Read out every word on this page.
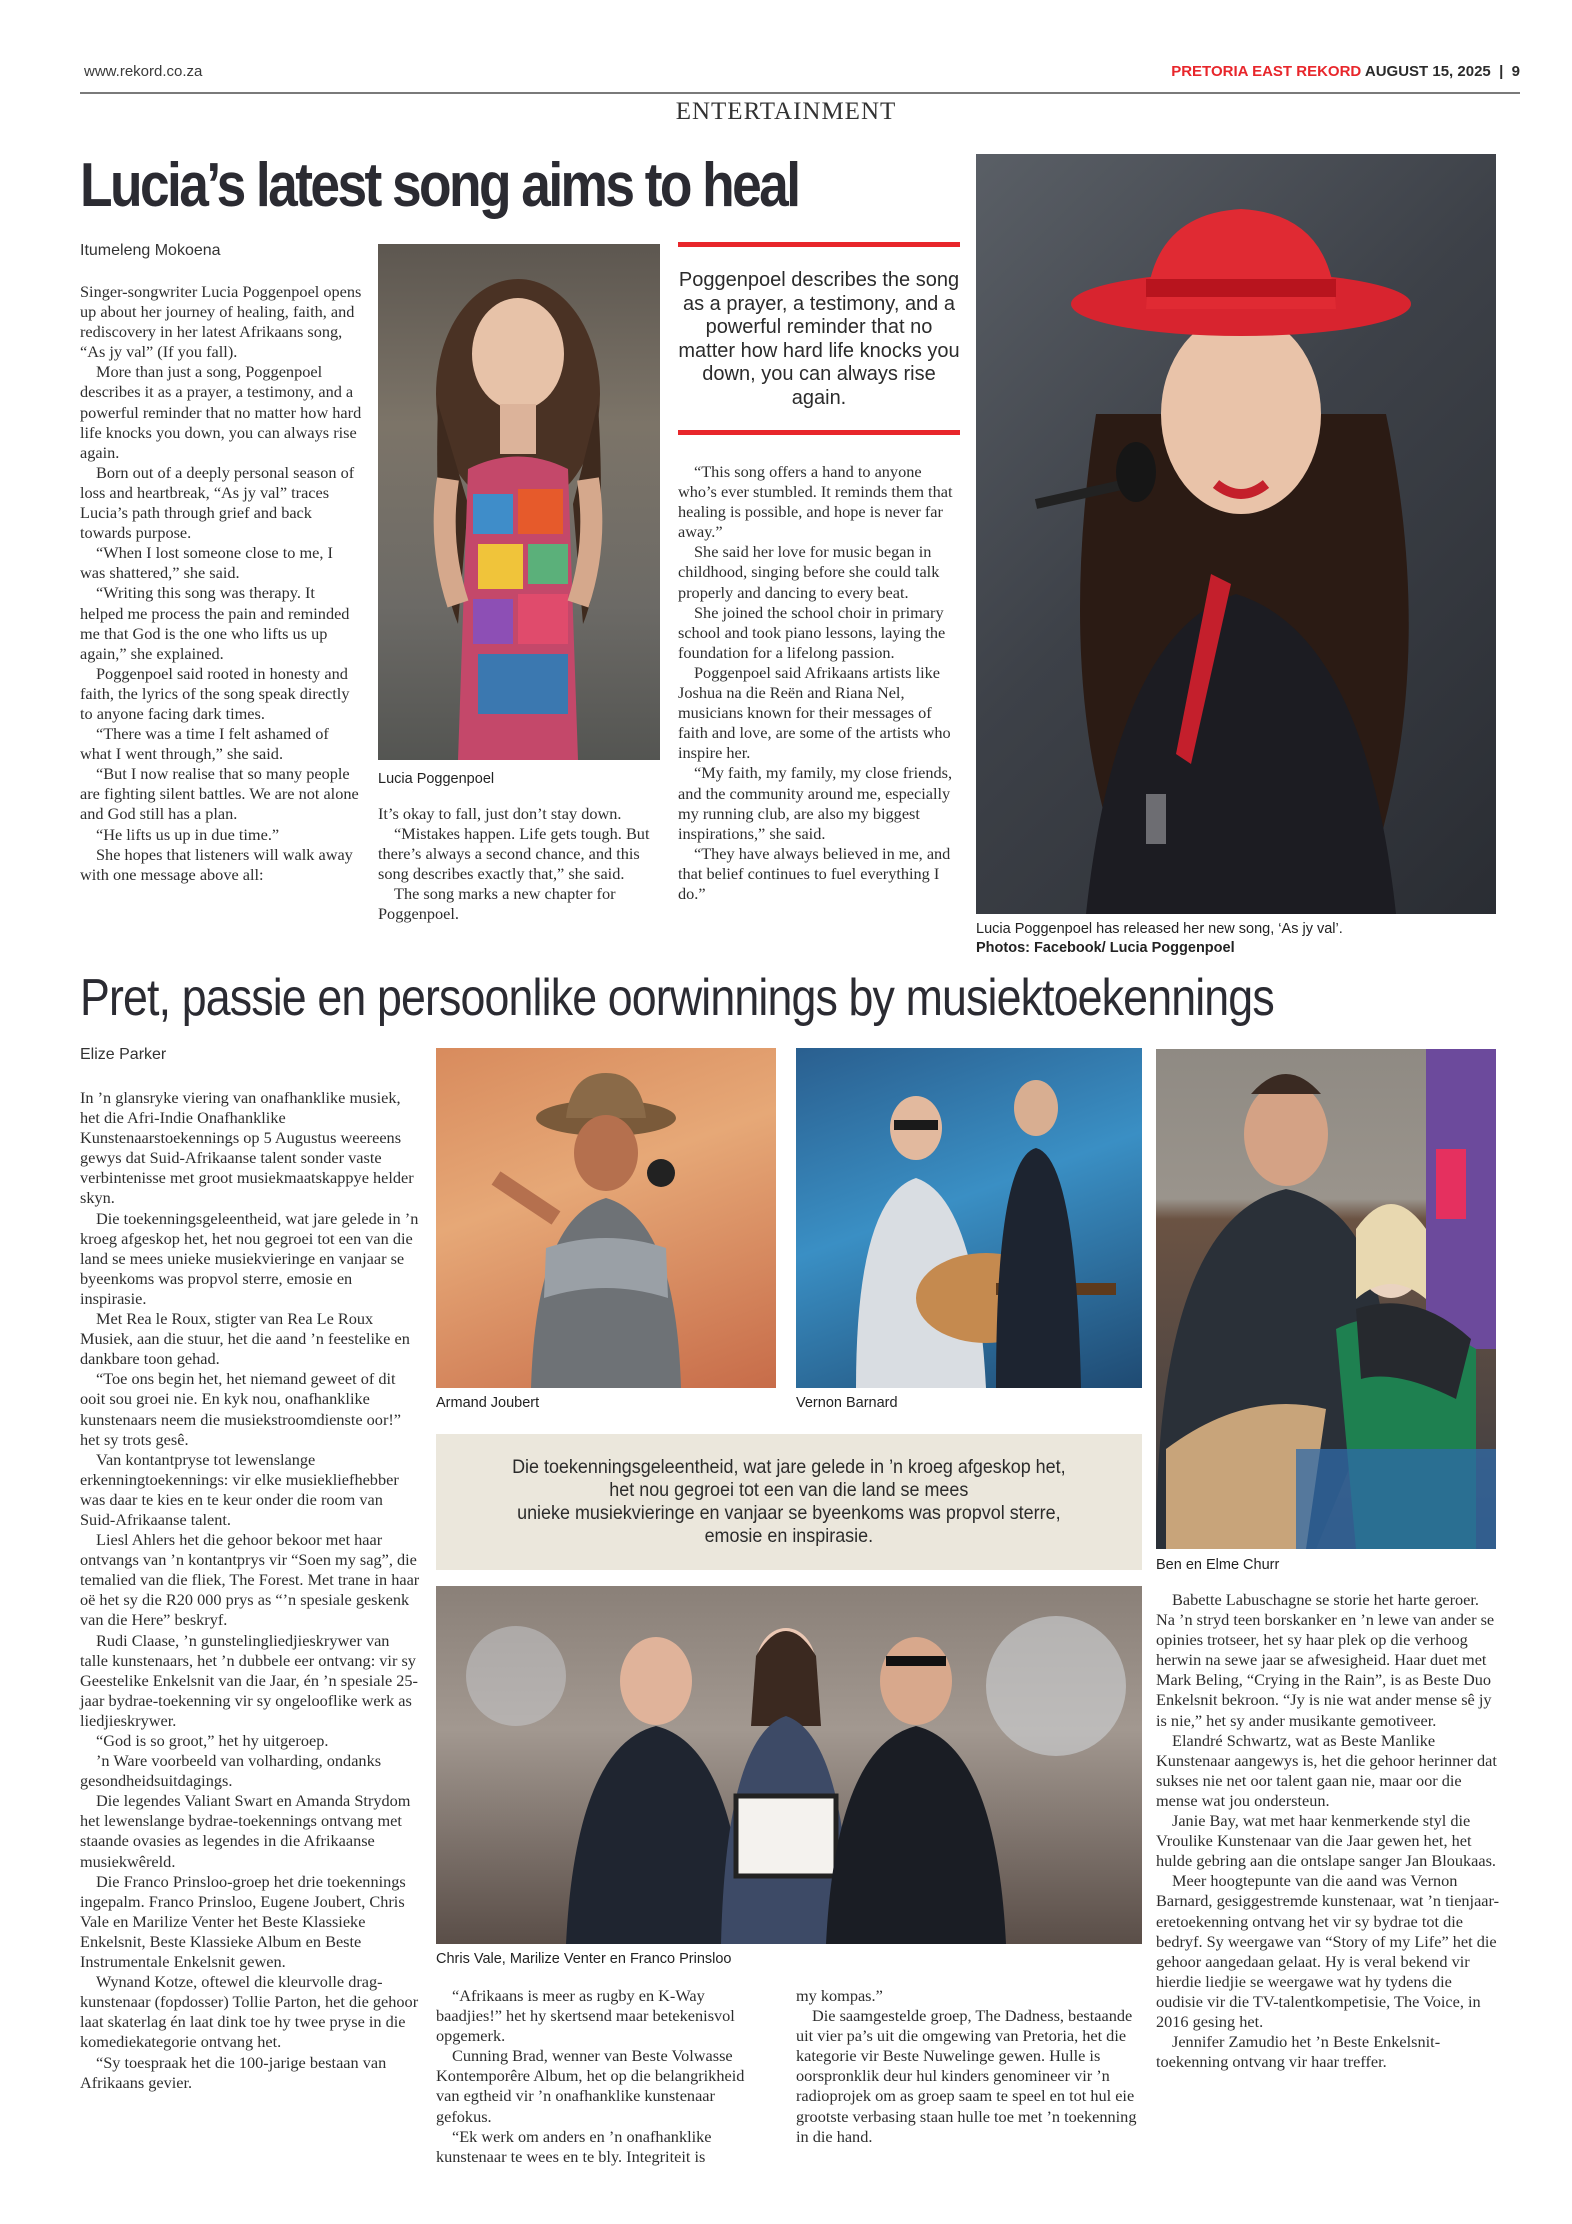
www.rekord.co.za	PRETORIA EAST REKORD AUGUST 15, 2025 | 9
ENTERTAINMENT
Lucia’s latest song aims to heal
Itumeleng Mokoena

Singer-songwriter Lucia Poggenpoel opens up about her journey of healing, faith, and rediscovery in her latest Afrikaans song, “As jy val” (If you fall).

More than just a song, Poggenpoel describes it as a prayer, a testimony, and a powerful reminder that no matter how hard life knocks you down, you can always rise again.

Born out of a deeply personal season of loss and heartbreak, “As jy val” traces Lucia’s path through grief and back towards purpose.

“When I lost someone close to me, I was shattered,” she said.

“Writing this song was therapy. It helped me process the pain and reminded me that God is the one who lifts us up again,” she explained.

Poggenpoel said rooted in honesty and faith, the lyrics of the song speak directly to anyone facing dark times.

“There was a time I felt ashamed of what I went through,” she said.

“But I now realise that so many people are fighting silent battles. We are not alone and God still has a plan.

“He lifts us up in due time.”

She hopes that listeners will walk away with one message above all:

Lucia Poggenpoel

It’s okay to fall, just don’t stay down.

“Mistakes happen. Life gets tough. But there’s always a second chance, and this song describes exactly that,” she said.

The song marks a new chapter for Poggenpoel.

Poggenpoel describes the song as a prayer, a testimony, and a powerful reminder that no matter how hard life knocks you down, you can always rise again.

“This song offers a hand to anyone who’s ever stumbled. It reminds them that healing is possible, and hope is never far away.”

She said her love for music began in childhood, singing before she could talk properly and dancing to every beat.

She joined the school choir in primary school and took piano lessons, laying the foundation for a lifelong passion.

Poggenpoel said Afrikaans artists like Joshua na die Reën and Riana Nel, musicians known for their messages of faith and love, are some of the artists who inspire her.

“My faith, my family, my close friends, and the community around me, especially my running club, are also my biggest inspirations,” she said.

“They have always believed in me, and that belief continues to fuel everything I do.”

Lucia Poggenpoel has released her new song, ‘As jy val’.
Photos: Facebook/ Lucia Poggenpoel
Pret, passie en persoonlike oorwinnings by musiektoekennings
Elize Parker

In ’n glansryke viering van onafhanklike musiek, het die Afri-Indie Onafhanklike Kunstenaarstoekennings op 5 Augustus weereens gewys dat Suid-Afrikaanse talent sonder vaste verbintenisse met groot musiekmaatskappye helder skyn.

Die toekenningsgeleentheid, wat jare gelede in ’n kroeg afgeskop het, het nou gegroei tot een van die land se mees unieke musiekvieringe en vanjaar se byeenkoms was propvol sterre, emosie en inspirasie.

Met Rea le Roux, stigter van Rea Le Roux Musiek, aan die stuur, het die aand ’n feestelike en dankbare toon gehad.

“Toe ons begin het, het niemand geweet of dit ooit sou groei nie. En kyk nou, onafhanklike kunstenaars neem die musiekstroomdienste oor!” het sy trots gesê.

Van kontantpryse tot lewenslange erkenningtoekennings: vir elke musiekliefhebber was daar te kies en te keur onder die room van Suid-Afrikaanse talent.

Liesl Ahlers het die gehoor bekoor met haar ontvangs van ’n kontantprys vir “Soen my sag”, die temalied van die fliek, The Forest. Met trane in haar oë het sy die R20 000 prys as “’n spesiale geskenk van die Here” beskryf.

Rudi Claase, ’n gunstelingliedjieskrywer van talle kunstenaars, het ’n dubbele eer ontvang: vir sy Geestelike Enkelsnit van die Jaar, én ’n spesiale 25-jaar bydrae-toekenning vir sy ongelooflike werk as liedjieskrywer.

“God is so groot,” het hy uitgeroep.

’n Ware voorbeeld van volharding, ondanks gesondheidsuitdagings.

Die legendes Valiant Swart en Amanda Strydom het lewenslange bydrae-toekennings ontvang met staande ovasies as legendes in die Afrikaanse musiekwêreld.

Die Franco Prinsloo-groep het drie toekennings ingepalm. Franco Prinsloo, Eugene Joubert, Chris Vale en Marilize Venter het Beste Klassieke Enkelsnit, Beste Klassieke Album en Beste Instrumentale Enkelsnit gewen.

Wynand Kotze, oftewel die kleurvolle drag-kunstenaar (fopdosser) Tollie Parton, het die gehoor laat skaterlag én laat dink toe hy twee pryse in die komediekategorie ontvang het.

“Sy toespraak het die 100-jarige bestaan van Afrikaans gevier.

Armand Joubert	Vernon Barnard
Ben en Elme Churr
Die toekenningsgeleentheid, wat jare gelede in ’n kroeg afgeskop het,
het nou gegroei tot een van die land se mees
unieke musiekvieringe en vanjaar se byeenkoms was propvol sterre,
emosie en inspirasie.
Chris Vale, Marilize Venter en Franco Prinsloo

“Afrikaans is meer as rugby en K-Way baadjies!” het hy skertsend maar betekenisvol opgemerk.

Cunning Brad, wenner van Beste Volwasse Kontemporêre Album, het op die belangrikheid van egtheid vir ’n onafhanklike kunstenaar gefokus.

“Ek werk om anders en ’n onafhanklike kunstenaar te wees en te bly. Integriteit is

my kompas.”

Die saamgestelde groep, The Dadness, bestaande uit vier pa’s uit die omgewing van Pretoria, het die kategorie vir Beste Nuwelinge gewen. Hulle is oorspronklik deur hul kinders genomineer vir ’n radioprojek om as groep saam te speel en tot hul eie grootste verbasing staan hulle toe met ’n toekenning in die hand.

Babette Labuschagne se storie het harte geroer. Na ’n stryd teen borskanker en ’n lewe van ander se opinies trotseer, het sy haar plek op die verhoog herwin na sewe jaar se afwesigheid. Haar duet met Mark Beling, “Crying in the Rain”, is as Beste Duo Enkelsnit bekroon. “Jy is nie wat ander mense sê jy is nie,” het sy ander musikante gemotiveer.

Elandré Schwartz, wat as Beste Manlike Kunstenaar aangewys is, het die gehoor herinner dat sukses nie net oor talent gaan nie, maar oor die mense wat jou ondersteun.

Janie Bay, wat met haar kenmerkende styl die Vroulike Kunstenaar van die Jaar gewen het, het hulde gebring aan die ontslape sanger Jan Bloukaas.

Meer hoogtepunte van die aand was Vernon Barnard, gesiggestremde kunstenaar, wat ’n tienjaar-eretoekenning ontvang het vir sy bydrae tot die bedryf. Sy weergawe van “Story of my Life” het die gehoor aangedaan gelaat. Hy is veral bekend vir hierdie liedjie se weergawe wat hy tydens die oudisie vir die TV-talentkompetisie, The Voice, in 2016 gesing het.

Jennifer Zamudio het ’n Beste Enkelsnit-toekenning ontvang vir haar treffer.
